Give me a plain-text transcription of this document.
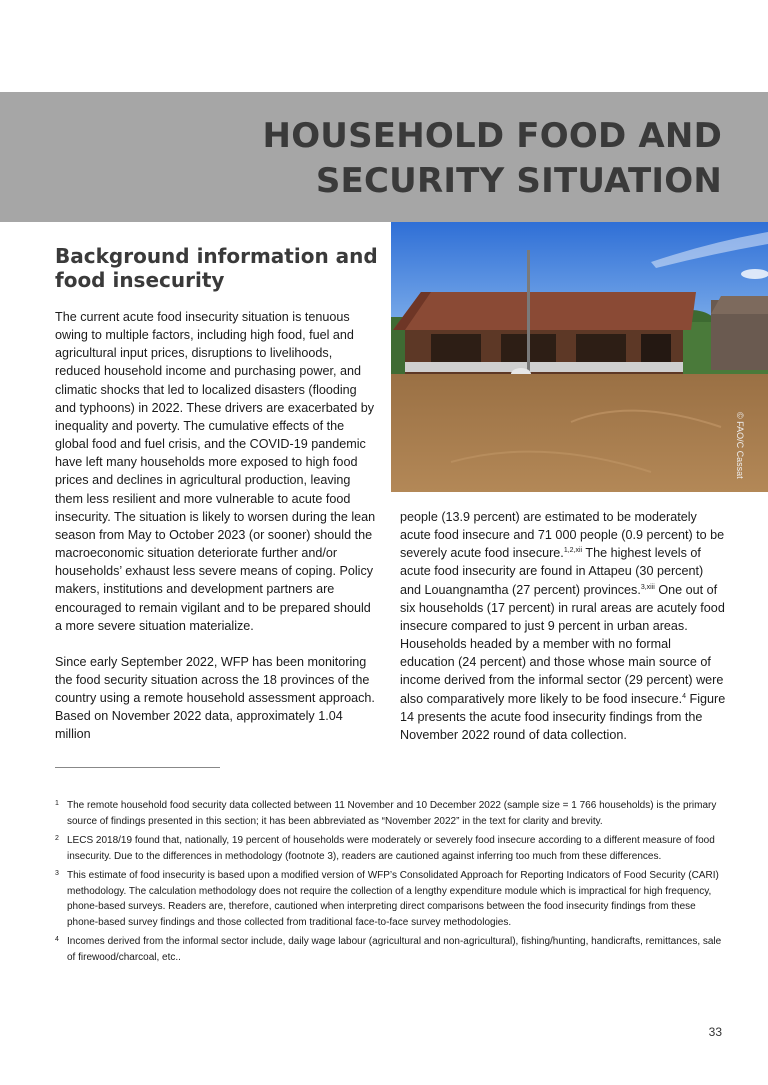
HOUSEHOLD FOOD AND
SECURITY SITUATION
© FAO/C Cassat
Background information and food insecurity

The current acute food insecurity situation is tenuous owing to multiple factors, including high food, fuel and agricultural input prices, disruptions to livelihoods, reduced household income and purchasing power, and climatic shocks that led to localized disasters (flooding and typhoons) in 2022. These drivers are exacerbated by inequality and poverty. The cumulative effects of the global food and fuel crisis, and the COVID-19 pandemic have left many households more exposed to high food prices and declines in agricultural production, leaving them less resilient and more vulnerable to acute food insecurity. The situation is likely to worsen during the lean season from May to October 2023 (or sooner) should the macroeconomic situation deteriorate further and/or households’ exhaust less severe means of coping. Policy makers, institutions and development partners are encouraged to remain vigilant and to be prepared should a more severe situation materialize.

Since early September 2022, WFP has been monitoring the food security situation across the 18 provinces of the country using a remote household assessment approach. Based on November 2022 data, approximately 1.04 million

people (13.9 percent) are estimated to be moderately acute food insecure and 71 000 people (0.9 percent) to be severely acute food insecure.$^{1,2,xii}$ The highest levels of acute food insecurity are found in Attapeu (30 percent) and Louangnamtha (27 percent) provinces.$^{3,xiii}$ One out of six households (17 percent) in rural areas are acutely food insecure compared to just 9 percent in urban areas. Households headed by a member with no formal education (24 percent) and those whose main source of income derived from the informal sector (29 percent) were also comparatively more likely to be food insecure.$^4$ Figure 14 presents the acute food insecurity findings from the November 2022 round of data collection.

1 The remote household food security data collected between 11 November and 10 December 2022 (sample size = 1 766 households) is the primary source of findings presented in this section; it has been abbreviated as “November 2022” in the text for clarity and brevity.

2 LECS 2018/19 found that, nationally, 19 percent of households were moderately or severely food insecure according to a different measure of food insecurity. Due to the differences in methodology (footnote 3), readers are cautioned against inferring too much from these differences.

3 This estimate of food insecurity is based upon a modified version of WFP’s Consolidated Approach for Reporting Indicators of Food Security (CARI) methodology. The calculation methodology does not require the collection of a lengthy expenditure module which is impractical for high frequency, phone-based surveys. Readers are, therefore, cautioned when interpreting direct comparisons between the food insecurity findings from these phone-based survey findings and those collected from traditional face-to-face survey methodologies.

4 Incomes derived from the informal sector include, daily wage labour (agricultural and non-agricultural), fishing/hunting, handicrafts, remittances, sale of firewood/charcoal, etc..

33
